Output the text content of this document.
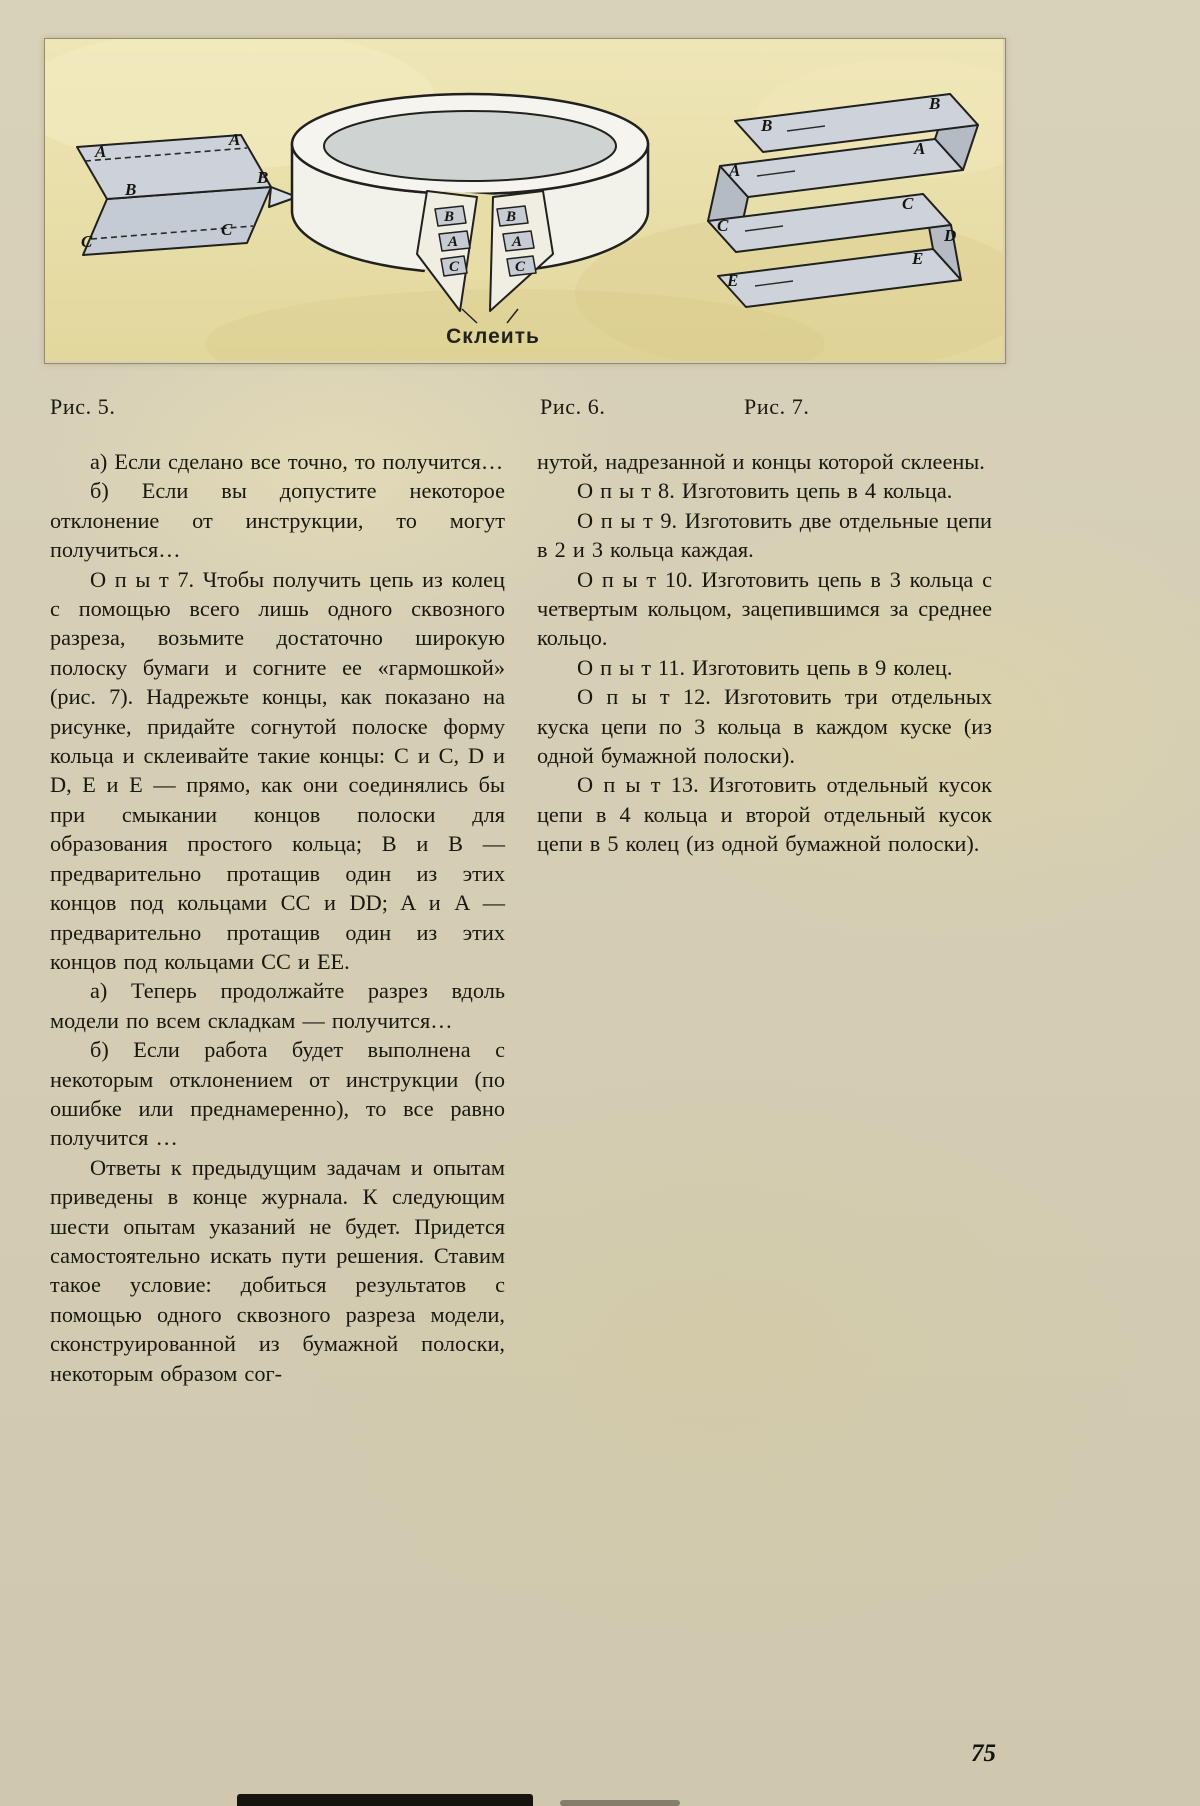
A
A
B
B
C
C
B
A
C
B
A
C
Склеить
B
B
A
A
C
C
D
E
E
Рис. 5.	Рис. 6.	Рис. 7.

а) Если сделано все точно, то получится…

б) Если вы допустите некоторое отклонение от инструкции, то могут получиться…

О п ы т 7. Чтобы получить цепь из колец с помощью всего лишь одного сквозного разреза, возьмите достаточно широкую полоску бумаги и согните ее «гармошкой» (рис. 7). Надрежьте концы, как показано на рисунке, придайте согнутой полоске форму кольца и склеивайте такие концы: C и C, D и D, E и E — прямо, как они соединялись бы при смыкании концов полоски для образования простого кольца; B и B — предварительно протащив один из этих концов под кольцами CC и DD; A и A — предварительно протащив один из этих концов под кольцами CC и EE.

а) Теперь продолжайте разрез вдоль модели по всем складкам — получится…

б) Если работа будет выполнена с некоторым отклонением от инструкции (по ошибке или преднамеренно), то все равно получится …

Ответы к предыдущим задачам и опытам приведены в конце журнала. К следующим шести опытам указаний не будет. Придется самостоятельно искать пути решения. Ставим такое условие: добиться результатов с помощью одного сквозного разреза модели, сконструированной из бумажной полоски, некоторым образом сог-

нутой, надрезанной и концы которой склеены.

О п ы т 8. Изготовить цепь в 4 кольца.

О п ы т 9. Изготовить две отдельные цепи в 2 и 3 кольца каждая.

О п ы т 10. Изготовить цепь в 3 кольца с четвертым кольцом, зацепившимся за среднее кольцо.

О п ы т 11. Изготовить цепь в 9 колец.

О п ы т 12. Изготовить три отдельных куска цепи по 3 кольца в каждом куске (из одной бумажной полоски).

О п ы т 13. Изготовить отдельный кусок цепи в 4 кольца и второй отдельный кусок цепи в 5 колец (из одной бумажной полоски).

75
